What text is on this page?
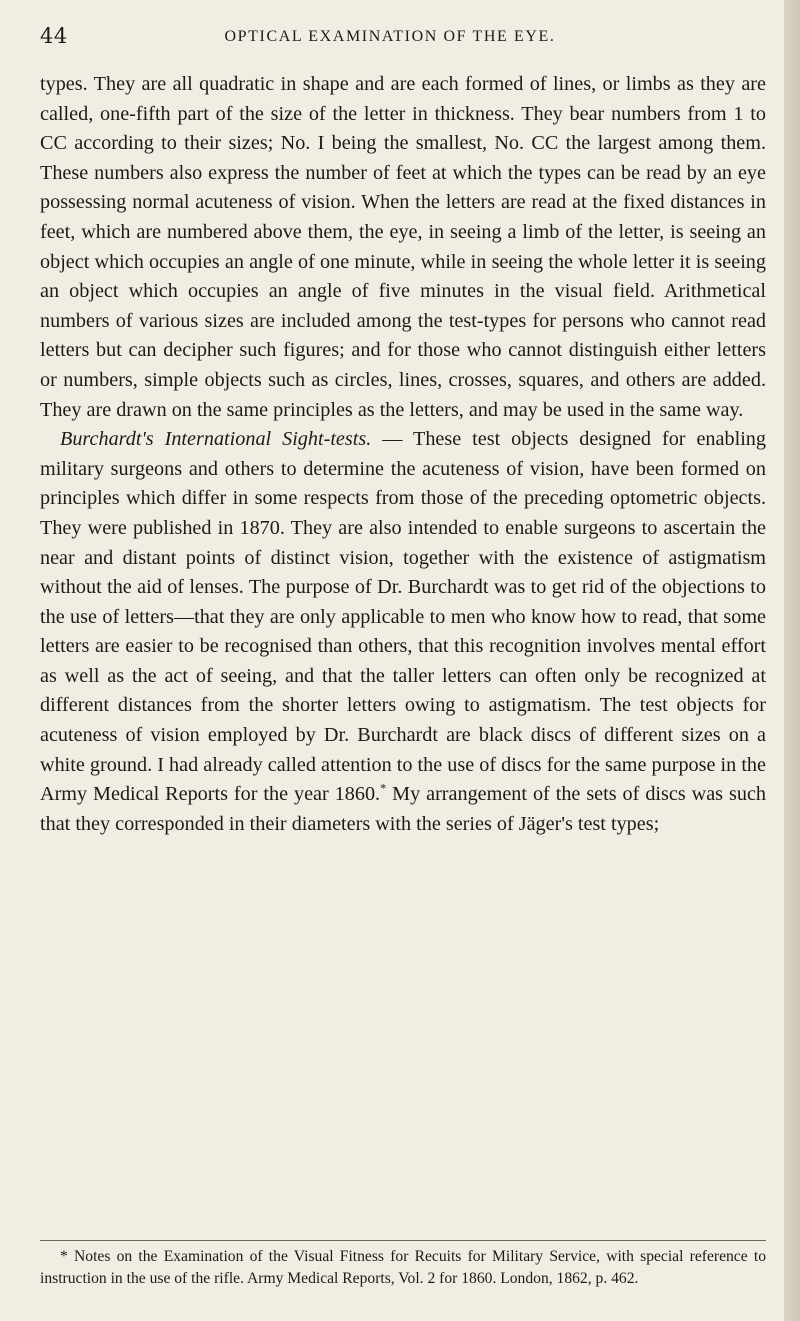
44	OPTICAL EXAMINATION OF THE EYE.

types. They are all quadratic in shape and are each formed of lines, or limbs as they are called, one-fifth part of the size of the letter in thickness. They bear numbers from 1 to CC according to their sizes; No. I being the smallest, No. CC the largest among them. These numbers also express the number of feet at which the types can be read by an eye possessing normal acuteness of vision. When the letters are read at the fixed distances in feet, which are numbered above them, the eye, in seeing a limb of the letter, is seeing an object which occupies an angle of one minute, while in seeing the whole letter it is seeing an object which occupies an angle of five minutes in the visual field. Arithmetical numbers of various sizes are included among the test-types for persons who cannot read letters but can decipher such figures; and for those who cannot distinguish either letters or numbers, simple objects such as circles, lines, crosses, squares, and others are added. They are drawn on the same principles as the letters, and may be used in the same way.

Burchardt's International Sight-tests. — These test objects designed for enabling military surgeons and others to determine the acuteness of vision, have been formed on principles which differ in some respects from those of the preceding optometric objects. They were published in 1870. They are also intended to enable surgeons to ascertain the near and distant points of distinct vision, together with the existence of astigmatism without the aid of lenses. The purpose of Dr. Burchardt was to get rid of the objections to the use of letters—that they are only applicable to men who know how to read, that some letters are easier to be recognised than others, that this recognition involves mental effort as well as the act of seeing, and that the taller letters can often only be recognized at different distances from the shorter letters owing to astigmatism. The test objects for acuteness of vision employed by Dr. Burchardt are black discs of different sizes on a white ground. I had already called attention to the use of discs for the same purpose in the Army Medical Reports for the year 1860.* My arrangement of the sets of discs was such that they corresponded in their diameters with the series of Jäger's test types;

* Notes on the Examination of the Visual Fitness for Recuits for Military Service, with special reference to instruction in the use of the rifle. Army Medical Reports, Vol. 2 for 1860. London, 1862, p. 462.
